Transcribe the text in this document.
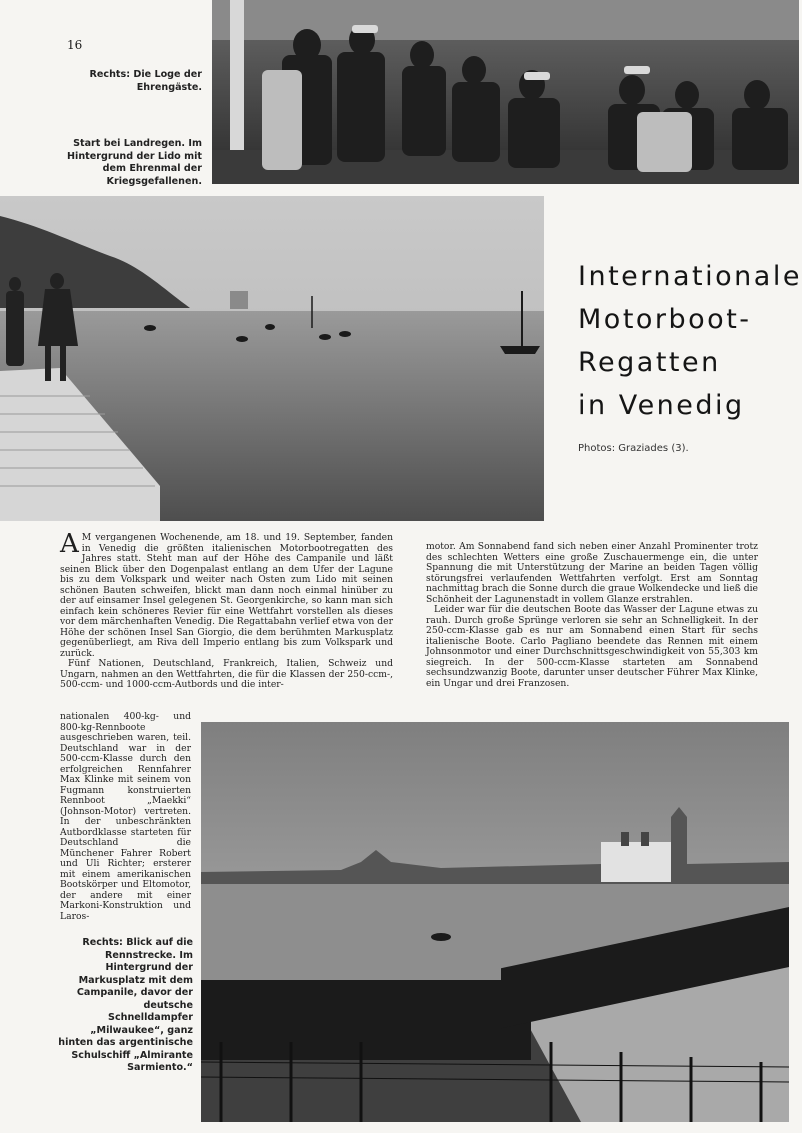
16
Rechts: Die Loge der Ehrengäste.
Start bei Landregen. Im Hintergrund der Lido mit dem Ehrenmal der Kriegsgefallenen.
Internationale
Motorboot-
Regatten
in Venedig
Photos: Graziades (3).

A M vergangenen Wochenende, am 18. und 19. September, fanden in Venedig die größten italienischen Motorbootregatten des Jahres statt. Steht man auf der Höhe des Campanile und läßt seinen Blick über den Dogenpalast entlang an dem Ufer der Lagune bis zu dem Volkspark und weiter nach Osten zum Lido mit seinen schönen Bauten schweifen, blickt man dann noch einmal hinüber zu der auf einsamer Insel gelegenen St. Georgenkirche, so kann man sich einfach kein schöneres Revier für eine Wettfahrt vorstellen als dieses vor dem märchenhaften Venedig. Die Regattabahn verlief etwa von der Höhe der schönen Insel San Giorgio, die dem berühmten Markusplatz gegenüberliegt, am Riva dell Imperio entlang bis zum Volkspark und zurück.

Fünf Nationen, Deutschland, Frankreich, Italien, Schweiz und Ungarn, nahmen an den Wettfahrten, die für die Klassen der 250-ccm-, 500-ccm- und 1000-ccm-Autbords und die inter-

nationalen 400-kg- und 800-kg-Rennboote ausgeschrieben waren, teil. Deutschland war in der 500-ccm-Klasse durch den erfolgreichen Rennfahrer Max Klinke mit seinem von Fugmann konstruierten Rennboot „Maekki“ (Johnson-Motor) vertreten. In der unbeschränkten Autbordklasse starteten für Deutschland die Münchener Fahrer Robert und Uli Richter; ersterer mit einem amerikanischen Bootskörper und Eltomotor, der andere mit einer Markoni-Konstruktion und Laros-

motor. Am Sonnabend fand sich neben einer Anzahl Prominenter trotz des schlechten Wetters eine große Zuschauermenge ein, die unter Spannung die mit Unterstützung der Marine an beiden Tagen völlig störungsfrei verlaufenden Wettfahrten verfolgt. Erst am Sonntag nachmittag brach die Sonne durch die graue Wolkendecke und ließ die Schönheit der Lagunenstadt in vollem Glanze erstrahlen.

Leider war für die deutschen Boote das Wasser der Lagune etwas zu rauh. Durch große Sprünge verloren sie sehr an Schnelligkeit. In der 250-ccm-Klasse gab es nur am Sonnabend einen Start für sechs italienische Boote. Carlo Pagliano beendete das Rennen mit einem Johnsonmotor und einer Durchschnittsgeschwindigkeit von 55,303 km siegreich. In der 500-ccm-Klasse starteten am Sonnabend sechsundzwanzig Boote, darunter unser deutscher Führer Max Klinke, ein Ungar und drei Franzosen.

Rechts: Blick auf die Rennstrecke. Im Hintergrund der Markusplatz mit dem Campanile, davor der deutsche Schnelldampfer „Milwaukee“, ganz hinten das argentinische Schulschiff „Almirante Sarmiento.“
